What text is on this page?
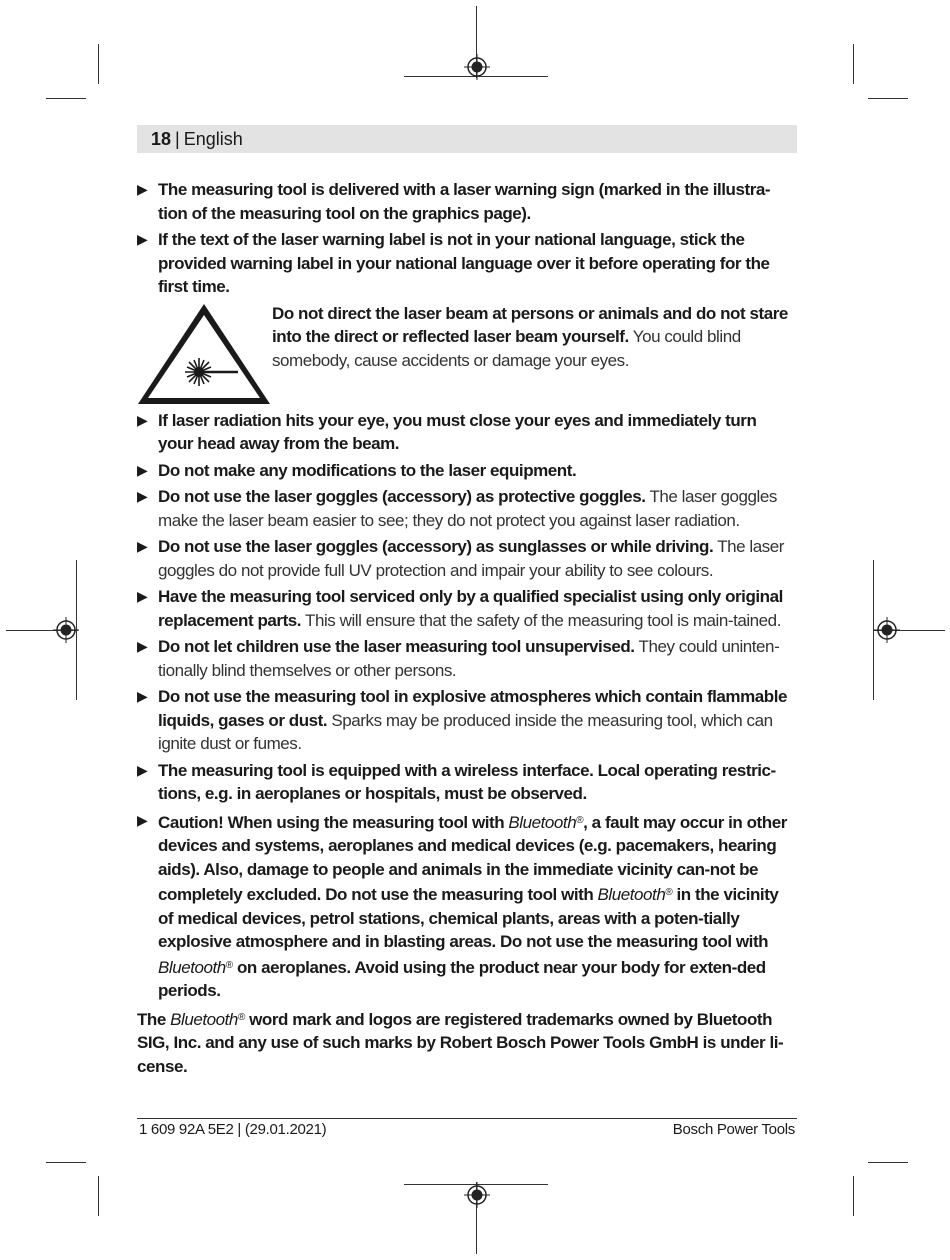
18 | English
▶ The measuring tool is delivered with a laser warning sign (marked in the illustra-tion of the measuring tool on the graphics page).
▶ If the text of the laser warning label is not in your national language, stick the provided warning label in your national language over it before operating for the first time.
Do not direct the laser beam at persons or animals and do not stare into the direct or reflected laser beam yourself. You could blind somebody, cause accidents or damage your eyes.
▶ If laser radiation hits your eye, you must close your eyes and immediately turn your head away from the beam.
▶ Do not make any modifications to the laser equipment.
▶ Do not use the laser goggles (accessory) as protective goggles. The laser goggles make the laser beam easier to see; they do not protect you against laser radiation.
▶ Do not use the laser goggles (accessory) as sunglasses or while driving. The laser goggles do not provide full UV protection and impair your ability to see colours.
▶ Have the measuring tool serviced only by a qualified specialist using only original replacement parts. This will ensure that the safety of the measuring tool is main-tained.
▶ Do not let children use the laser measuring tool unsupervised. They could uninten-tionally blind themselves or other persons.
▶ Do not use the measuring tool in explosive atmospheres which contain flammable liquids, gases or dust. Sparks may be produced inside the measuring tool, which can ignite dust or fumes.
▶ The measuring tool is equipped with a wireless interface. Local operating restric-tions, e.g. in aeroplanes or hospitals, must be observed.
▶ Caution! When using the measuring tool with Bluetooth®, a fault may occur in other devices and systems, aeroplanes and medical devices (e.g. pacemakers, hearing aids). Also, damage to people and animals in the immediate vicinity can-not be completely excluded. Do not use the measuring tool with Bluetooth® in the vicinity of medical devices, petrol stations, chemical plants, areas with a poten-tially explosive atmosphere and in blasting areas. Do not use the measuring tool with Bluetooth® on aeroplanes. Avoid using the product near your body for exten-ded periods.
The Bluetooth® word mark and logos are registered trademarks owned by Bluetooth SIG, Inc. and any use of such marks by Robert Bosch Power Tools GmbH is under li-cense.
1 609 92A 5E2 | (29.01.2021)	Bosch Power Tools
